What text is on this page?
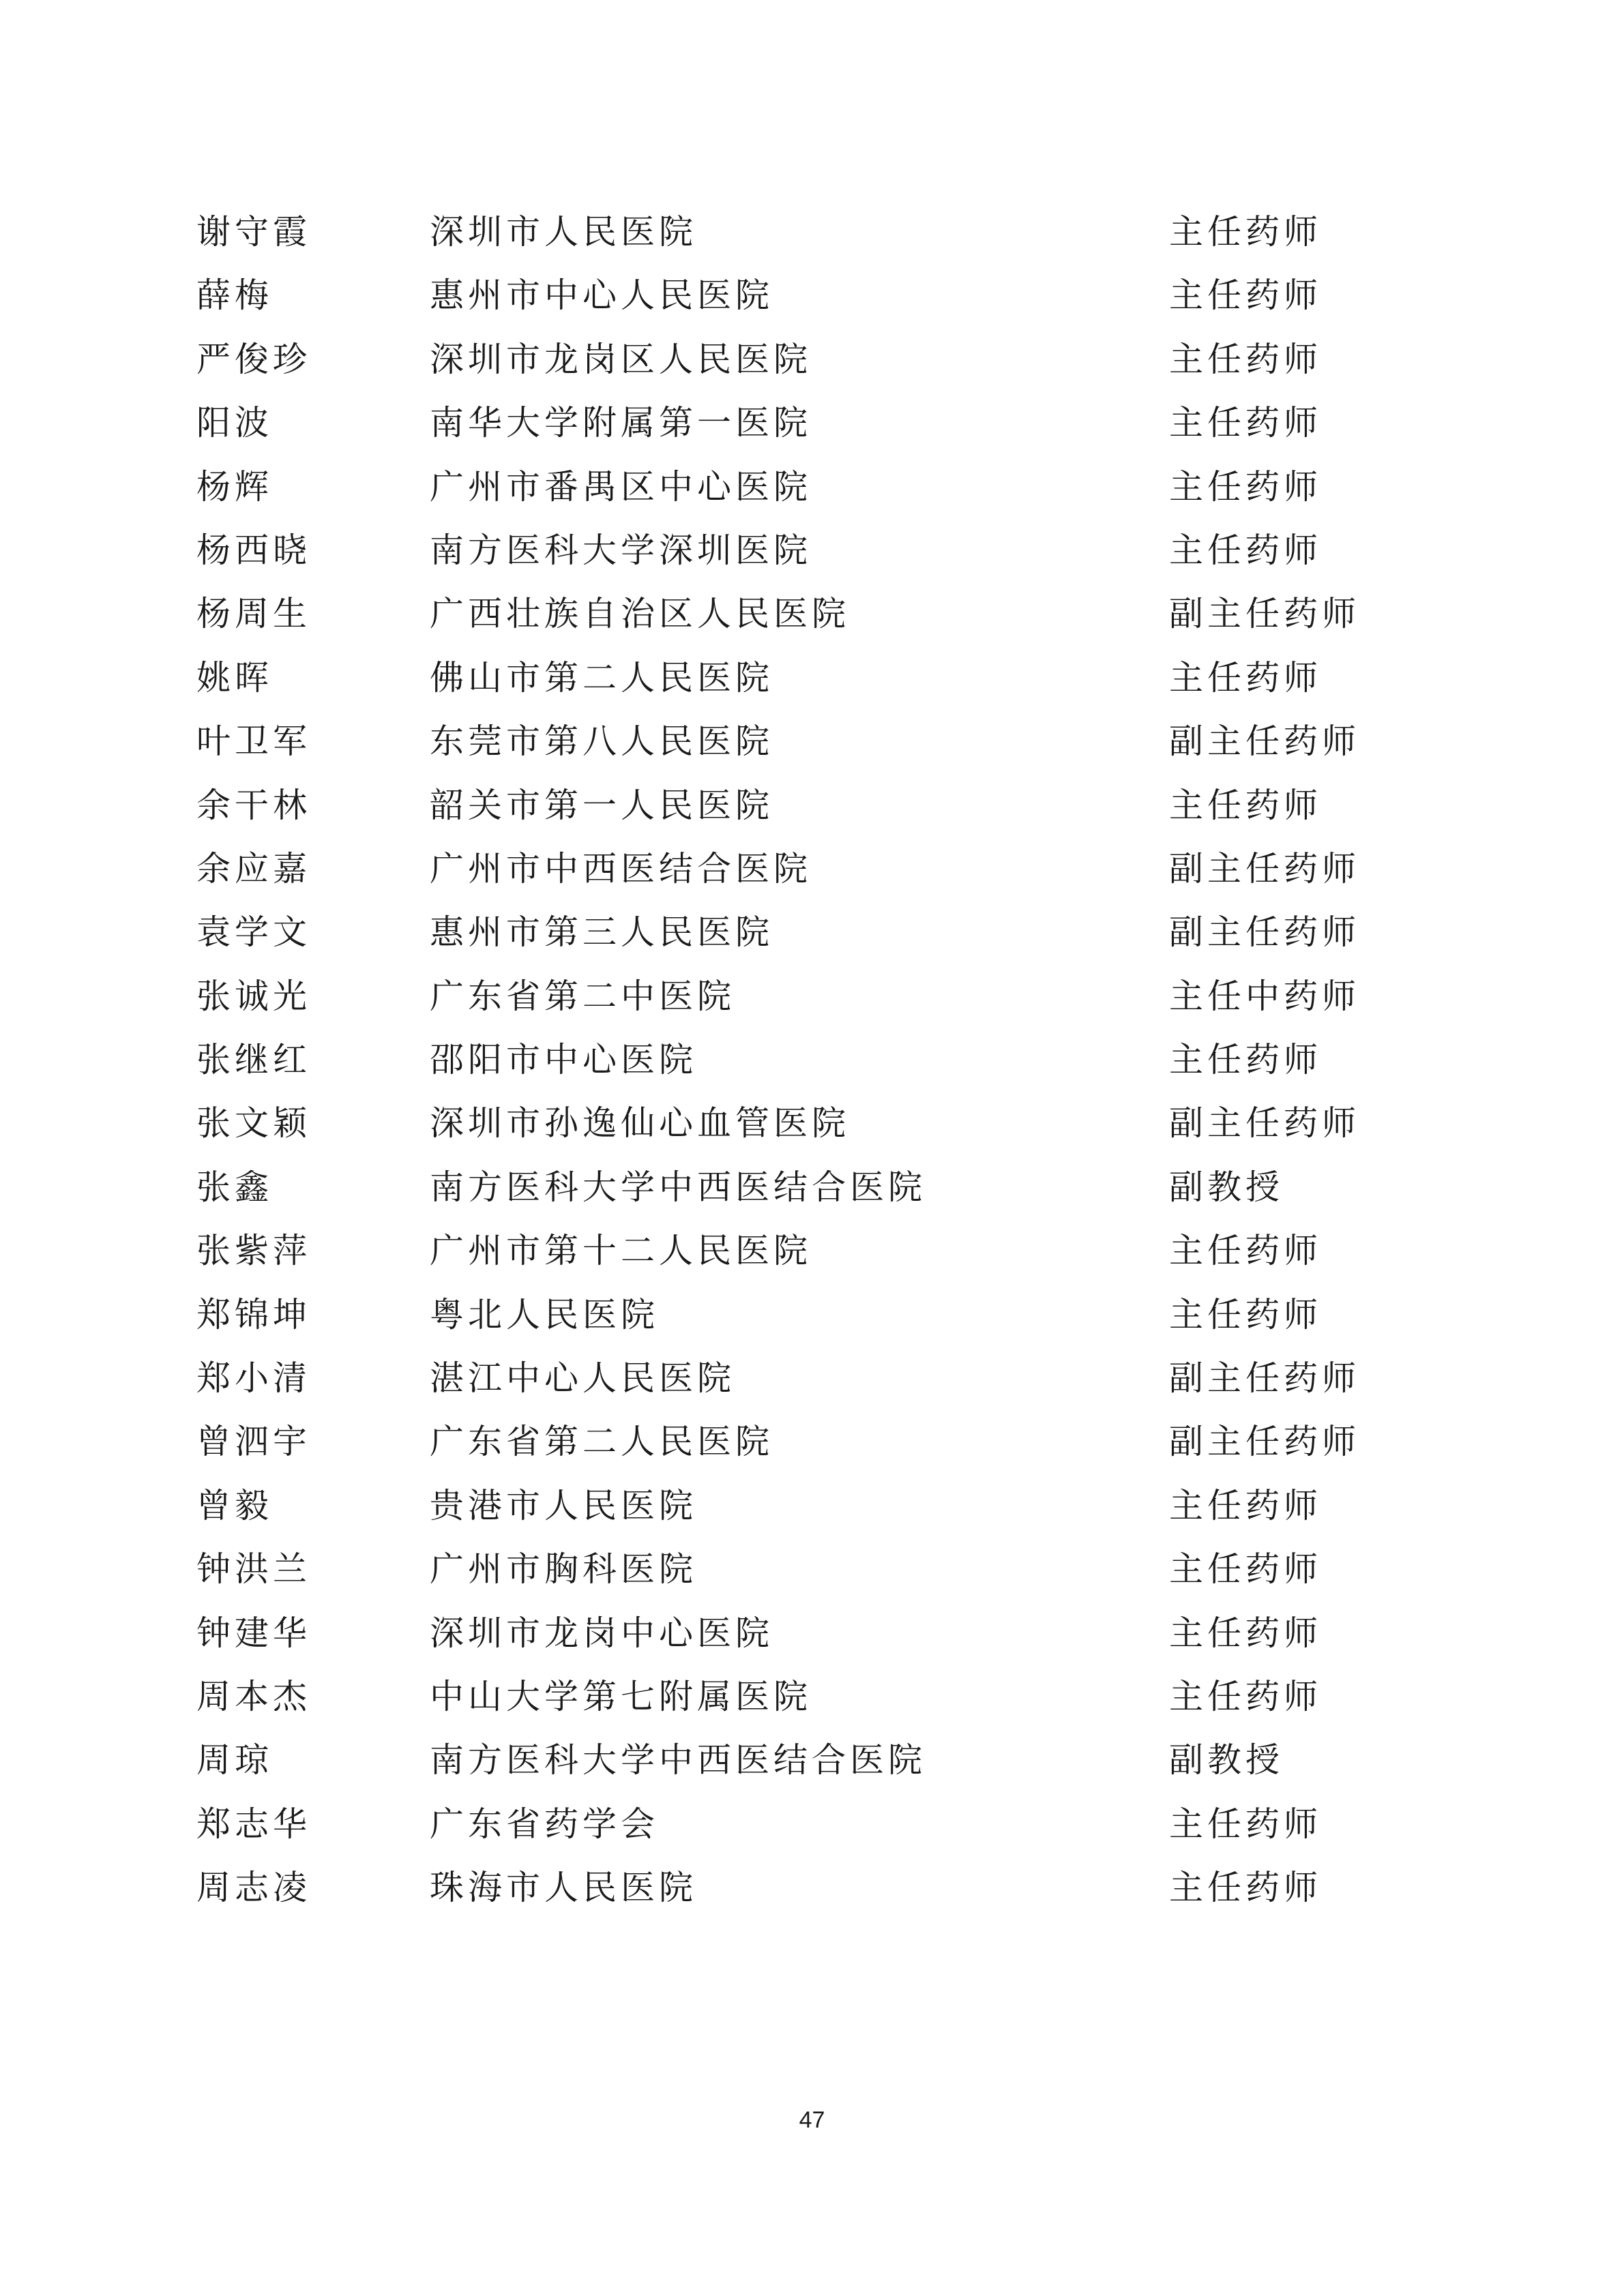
谢守霞	深圳市人民医院	主任药师
薛梅	惠州市中心人民医院	主任药师
严俊珍	深圳市龙岗区人民医院	主任药师
阳波	南华大学附属第一医院	主任药师
杨辉	广州市番禺区中心医院	主任药师
杨西晓	南方医科大学深圳医院	主任药师
杨周生	广西壮族自治区人民医院	副主任药师
姚晖	佛山市第二人民医院	主任药师
叶卫军	东莞市第八人民医院	副主任药师
余干林	韶关市第一人民医院	主任药师
余应嘉	广州市中西医结合医院	副主任药师
袁学文	惠州市第三人民医院	副主任药师
张诚光	广东省第二中医院	主任中药师
张继红	邵阳市中心医院	主任药师
张文颖	深圳市孙逸仙心血管医院	副主任药师
张鑫	南方医科大学中西医结合医院	副教授
张紫萍	广州市第十二人民医院	主任药师
郑锦坤	粤北人民医院	主任药师
郑小清	湛江中心人民医院	副主任药师
曾泗宇	广东省第二人民医院	副主任药师
曾毅	贵港市人民医院	主任药师
钟洪兰	广州市胸科医院	主任药师
钟建华	深圳市龙岗中心医院	主任药师
周本杰	中山大学第七附属医院	主任药师
周琼	南方医科大学中西医结合医院	副教授
郑志华	广东省药学会	主任药师
周志凌	珠海市人民医院	主任药师
47
